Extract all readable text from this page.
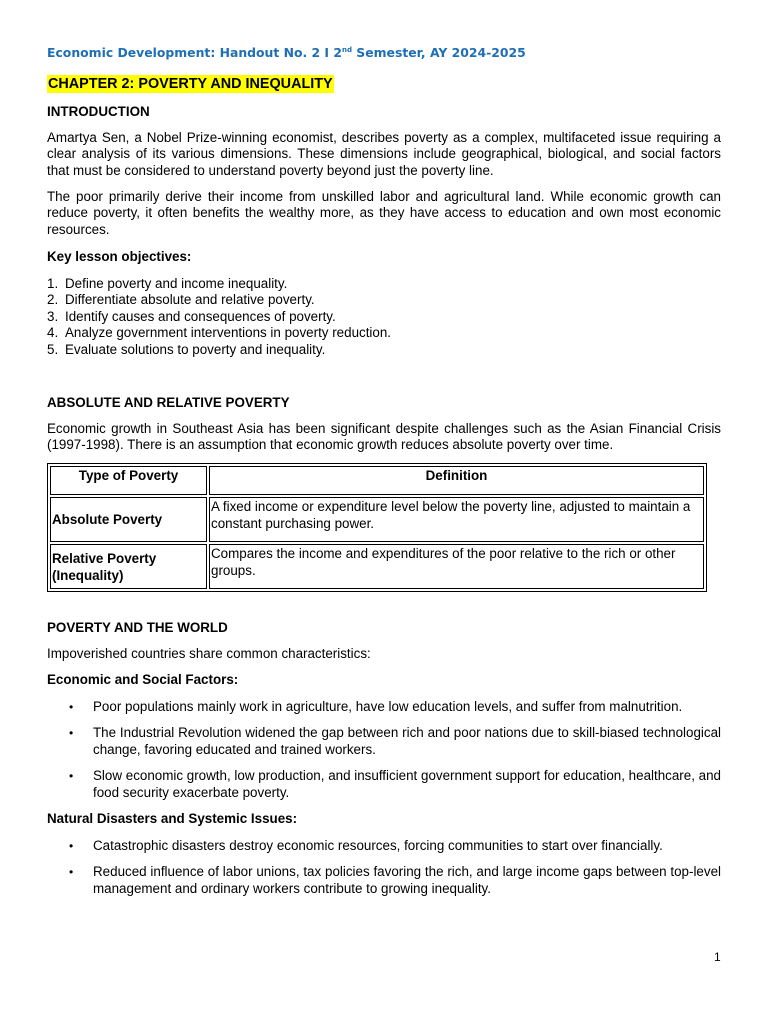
Economic Development: Handout No. 2 I 2nd Semester, AY 2024-2025
CHAPTER 2: POVERTY AND INEQUALITY
INTRODUCTION
Amartya Sen, a Nobel Prize-winning economist, describes poverty as a complex, multifaceted issue requiring a clear analysis of its various dimensions. These dimensions include geographical, biological, and social factors that must be considered to understand poverty beyond just the poverty line.
The poor primarily derive their income from unskilled labor and agricultural land. While economic growth can reduce poverty, it often benefits the wealthy more, as they have access to education and own most economic resources.
Key lesson objectives:
1. Define poverty and income inequality.
2. Differentiate absolute and relative poverty.
3. Identify causes and consequences of poverty.
4. Analyze government interventions in poverty reduction.
5. Evaluate solutions to poverty and inequality.
ABSOLUTE AND RELATIVE POVERTY
Economic growth in Southeast Asia has been significant despite challenges such as the Asian Financial Crisis (1997-1998). There is an assumption that economic growth reduces absolute poverty over time.
Type of Poverty	Definition
Absolute Poverty	A fixed income or expenditure level below the poverty line, adjusted to maintain a constant purchasing power.
Relative Poverty (Inequality)	Compares the income and expenditures of the poor relative to the rich or other groups.
POVERTY AND THE WORLD
Impoverished countries share common characteristics:
Economic and Social Factors:
• Poor populations mainly work in agriculture, have low education levels, and suffer from malnutrition.
• The Industrial Revolution widened the gap between rich and poor nations due to skill-biased technological change, favoring educated and trained workers.
• Slow economic growth, low production, and insufficient government support for education, healthcare, and food security exacerbate poverty.
Natural Disasters and Systemic Issues:
• Catastrophic disasters destroy economic resources, forcing communities to start over financially.
• Reduced influence of labor unions, tax policies favoring the rich, and large income gaps between top-level management and ordinary workers contribute to growing inequality.
1
